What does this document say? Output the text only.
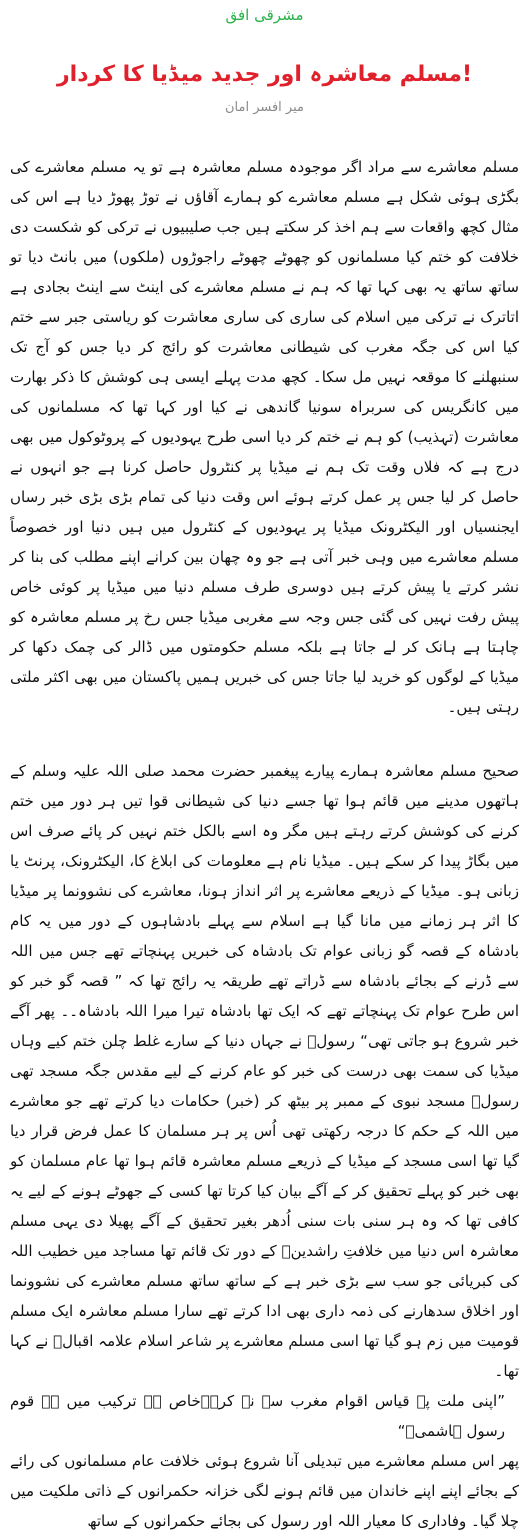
مشرقی افق
مسلم معاشرہ اور جدید میڈیا کا کردار!
میر افسر امان

مسلم معاشرے سے مراد اگر موجودہ مسلم معاشرہ ہے تو یہ مسلم معاشرے کی بگڑی ہوئی شکل ہے مسلم معاشرے کو ہمارے آقاؤں نے توڑ پھوڑ دیا ہے اس کی مثال کچھ واقعات سے ہم اخذ کر سکتے ہیں جب صلیبیوں نے ترکی کو شکست دی خلافت کو ختم کیا مسلمانوں کو چھوٹے چھوٹے راجوڑوں (ملکوں) میں بانٹ دیا تو ساتھ ساتھ یہ بھی کہا تھا کہ ہم نے مسلم معاشرے کی اینٹ سے اینٹ بجادی ہے اتاترک نے ترکی میں اسلام کی ساری کی ساری معاشرت کو ریاستی جبر سے ختم کیا اس کی جگہ مغرب کی شیطانی معاشرت کو رائج کر دیا جس کو آج تک سنبھلنے کا موقعہ نہیں مل سکا۔ کچھ مدت پہلے ایسی ہی کوشش کا ذکر بھارت میں کانگریس کی سربراہ سونیا گاندھی نے کیا اور کہا تھا کہ مسلمانوں کی معاشرت (تہذیب) کو ہم نے ختم کر دیا اسی طرح یہودیوں کے پروٹوکول میں بھی درج ہے کہ فلاں وقت تک ہم نے میڈیا پر کنٹرول حاصل کرنا ہے جو انہوں نے حاصل کر لیا جس پر عمل کرتے ہوئے اس وقت دنیا کی تمام بڑی بڑی خبر رساں ایجنسیاں اور الیکٹرونک میڈیا پر یہودیوں کے کنٹرول میں ہیں دنیا اور خصوصاً مسلم معاشرے میں وہی خبر آتی ہے جو وہ چھان بین کرانے اپنے مطلب کی بنا کر نشر کرتے یا پیش کرتے ہیں دوسری طرف مسلم دنیا میں میڈیا پر کوئی خاص پیش رفت نہیں کی گئی جس وجہ سے مغربی میڈیا جس رخ پر مسلم معاشرہ کو چاہتا ہے ہانک کر لے جاتا ہے بلکہ مسلم حکومتوں میں ڈالر کی چمک دکھا کر میڈیا کے لوگوں کو خرید لیا جاتا جس کی خبریں ہمیں پاکستان میں بھی اکثر ملتی رہتی ہیں۔

صحیح مسلم معاشرہ ہمارے پیارے پیغمبر حضرت محمد صلی اللہ علیہ وسلم کے ہاتھوں مدینے میں قائم ہوا تھا جسے دنیا کی شیطانی قوا تیں ہر دور میں ختم کرنے کی کوشش کرتے رہتے ہیں مگر وہ اسے بالکل ختم نہیں کر پائے صرف اس میں بگاڑ پیدا کر سکے ہیں۔ میڈیا نام ہے معلومات کی ابلاغ کا، الیکٹرونک، پرنٹ یا زبانی ہو۔ میڈیا کے ذریعے معاشرے پر اثر انداز ہونا، معاشرے کی نشوونما پر میڈیا کا اثر ہر زمانے میں مانا گیا ہے اسلام سے پہلے بادشاہوں کے دور میں یہ کام بادشاہ کے قصہ گو زبانی عوام تک بادشاہ کی خبریں پہنچاتے تھے جس میں اللہ سے ڈرنے کے بجائے بادشاہ سے ڈراتے تھے طریقہ یہ رائج تھا کہ ” قصہ گو خبر کو اس طرح عوام تک پہنچاتے تھے کہ ایک تھا بادشاہ تیرا میرا اللہ بادشاہ۔۔ پھر آگے خبر شروع ہو جاتی تھی“ رسولؐ نے جہاں دنیا کے سارے غلط چلن ختم کیے وہاں میڈیا کی سمت بھی درست کی خبر کو عام کرنے کے لیے مقدس جگہ مسجد تھی رسولؐ مسجد نبوی کے ممبر پر بیٹھ کر (خبر) حکامات دیا کرتے تھے جو معاشرے میں اللہ کے حکم کا درجہ رکھتی تھی اُس پر ہر مسلمان کا عمل فرض قرار دیا گیا تھا اسی مسجد کے میڈیا کے ذریعے مسلم معاشرہ قائم ہوا تھا عام مسلمان کو بھی خبر کو پہلے تحقیق کر کے آگے بیان کیا کرتا تھا کسی کے جھوٹے ہونے کے لیے یہ کافی تھا کہ وہ ہر سنی بات سنی اُدھر بغیر تحقیق کے آگے پھیلا دی یہی مسلم معاشرہ اس دنیا میں خلافتِ راشدینؓ کے دور تک قائم تھا مساجد میں خطیب اللہ کی کبریائی جو سب سے بڑی خبر ہے کے ساتھ ساتھ مسلم معاشرے کی نشوونما اور اخلاق سدھارنے کی ذمہ داری بھی ادا کرتے تھے سارا مسلم معاشرہ ایک مسلم قومیت میں زم ہو گیا تھا اسی مسلم معاشرے پر شاعر اسلام علامہ اقبالؒ نے کہا تھا۔

”اپنی ملت پہ قیاس اقوام مغرب سے نہ کر۔۔خاص ہے ترکیب میں ہے قوم رسول ہاشمیؐ“

پھر اس مسلم معاشرے میں تبدیلی آنا شروع ہوئی خلافت عام مسلمانوں کی رائے کے بجائے اپنے اپنے خاندان میں قائم ہونے لگی خزانہ حکمرانوں کے ذاتی ملکیت میں چلا گیا۔ وفاداری کا معیار اللہ اور رسول کی بجائے حکمرانوں کے ساتھ
